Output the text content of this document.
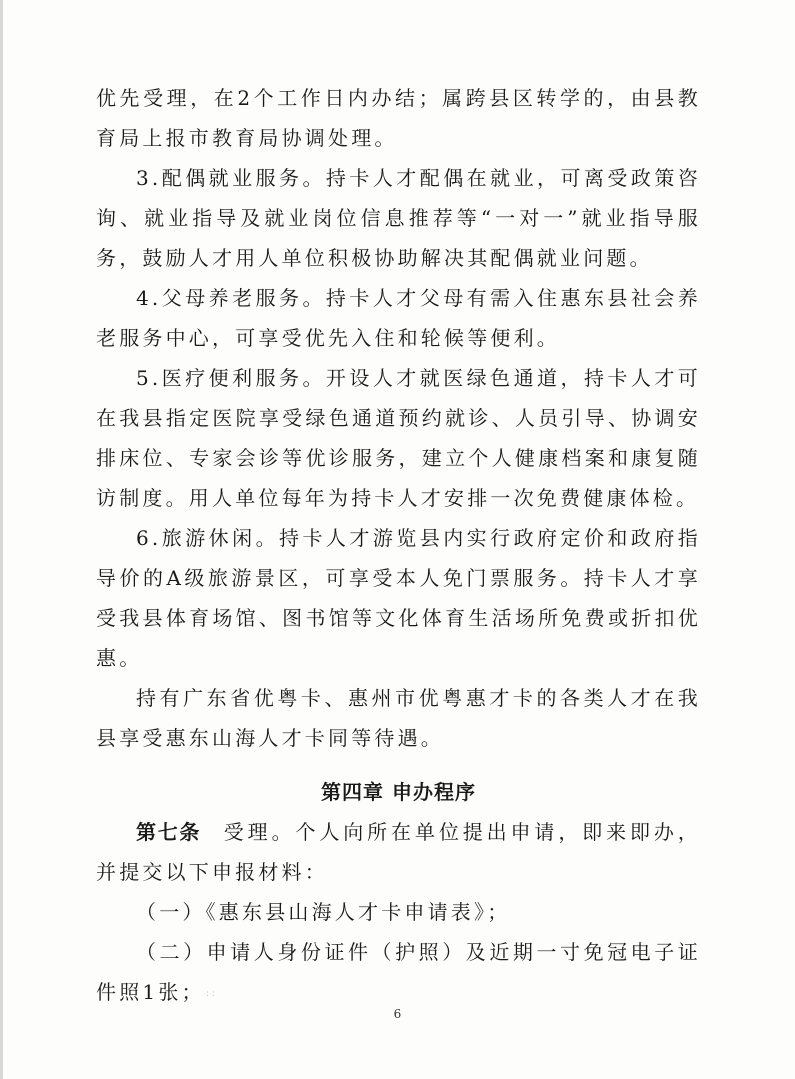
优先受理，在2个工作日内办结；属跨县区转学的，由县教育局上报市教育局协调处理。

3.配偶就业服务。持卡人才配偶在就业，可离受政策咨询、就业指导及就业岗位信息推荐等“一对一”就业指导服务，鼓励人才用人单位积极协助解决其配偶就业问题。

4.父母养老服务。持卡人才父母有需入住惠东县社会养老服务中心，可享受优先入住和轮候等便利。

5.医疗便利服务。开设人才就医绿色通道，持卡人才可在我县指定医院享受绿色通道预约就诊、人员引导、协调安排床位、专家会诊等优诊服务，建立个人健康档案和康复随访制度。用人单位每年为持卡人才安排一次免费健康体检。

6.旅游休闲。持卡人才游览县内实行政府定价和政府指导价的A级旅游景区，可享受本人免门票服务。持卡人才享受我县体育场馆、图书馆等文化体育生活场所免费或折扣优惠。

持有广东省优粤卡、惠州市优粤惠才卡的各类人才在我县享受惠东山海人才卡同等待遇。

第四章 申办程序

第七条 受理。个人向所在单位提出申请，即来即办，并提交以下申报材料：

（一）《惠东县山海人才卡申请表》；

（二）申请人身份证件（护照）及近期一寸免冠电子证件照1张； : :
6
